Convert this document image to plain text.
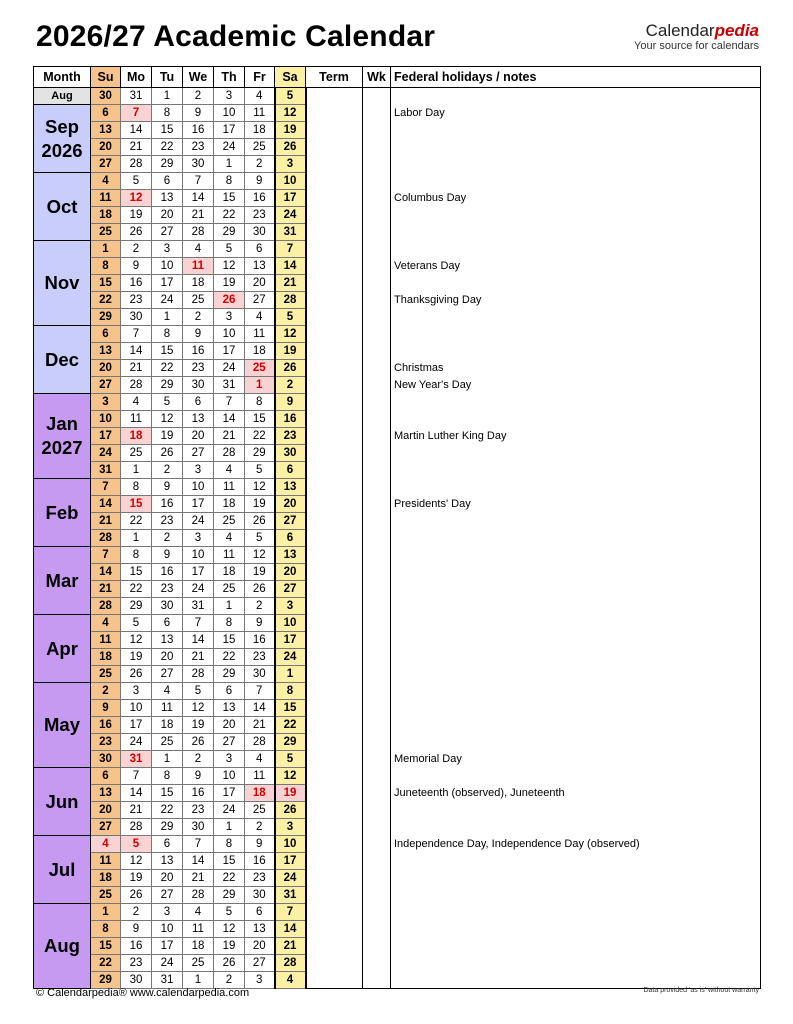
2026/27 Academic Calendar	Calendarpedia
Your source for calendars
Month	Su	Mo	Tu	We	Th	Fr	Sa	Term	Wk	Federal holidays / notes
Aug	30	31	1	2	3	4	5			
Sep
2026	6	7	8	9	10	11	12			Labor Day
	13	14	15	16	17	18	19			
	20	21	22	23	24	25	26			
	27	28	29	30	1	2	3			
Oct	4	5	6	7	8	9	10			
	11	12	13	14	15	16	17			Columbus Day
	18	19	20	21	22	23	24			
	25	26	27	28	29	30	31			
Nov	1	2	3	4	5	6	7			
	8	9	10	11	12	13	14			Veterans Day
	15	16	17	18	19	20	21			
	22	23	24	25	26	27	28			Thanksgiving Day
	29	30	1	2	3	4	5			
Dec	6	7	8	9	10	11	12			
	13	14	15	16	17	18	19			
	20	21	22	23	24	25	26			Christmas
	27	28	29	30	31	1	2			New Year's Day
Jan
2027	3	4	5	6	7	8	9			
	10	11	12	13	14	15	16			
	17	18	19	20	21	22	23			Martin Luther King Day
	24	25	26	27	28	29	30			
	31	1	2	3	4	5	6			
Feb	7	8	9	10	11	12	13			
	14	15	16	17	18	19	20			Presidents' Day
	21	22	23	24	25	26	27			
	28	1	2	3	4	5	6			
Mar	7	8	9	10	11	12	13			
	14	15	16	17	18	19	20			
	21	22	23	24	25	26	27			
	28	29	30	31	1	2	3			
Apr	4	5	6	7	8	9	10			
	11	12	13	14	15	16	17			
	18	19	20	21	22	23	24			
	25	26	27	28	29	30	1			
May	2	3	4	5	6	7	8			
	9	10	11	12	13	14	15			
	16	17	18	19	20	21	22			
	23	24	25	26	27	28	29			
	30	31	1	2	3	4	5			Memorial Day
Jun	6	7	8	9	10	11	12			
	13	14	15	16	17	18	19			Juneteenth (observed), Juneteenth
	20	21	22	23	24	25	26			
	27	28	29	30	1	2	3			
Jul	4	5	6	7	8	9	10			Independence Day, Independence Day (observed)
	11	12	13	14	15	16	17			
	18	19	20	21	22	23	24			
	25	26	27	28	29	30	31			
Aug	1	2	3	4	5	6	7			
	8	9	10	11	12	13	14			
	15	16	17	18	19	20	21			
	22	23	24	25	26	27	28			
	29	30	31	1	2	3	4			
© Calendarpedia® www.calendarpedia.com	Data provided 'as is' without warranty
